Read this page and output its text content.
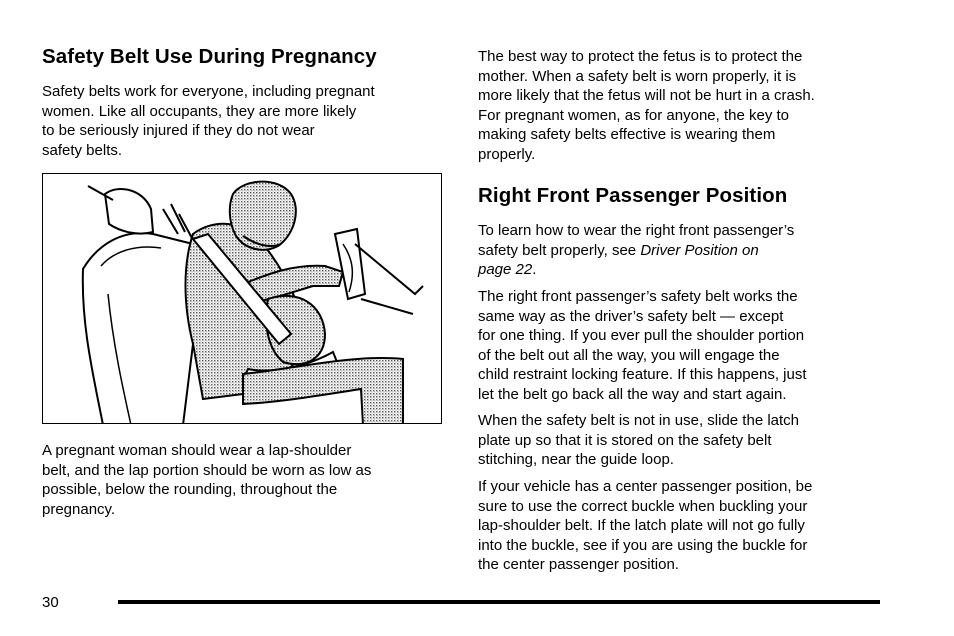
Safety Belt Use During Pregnancy

Safety belts work for everyone, including pregnant
women. Like all occupants, they are more likely
to be seriously injured if they do not wear
safety belts.

A pregnant woman should wear a lap-shoulder
belt, and the lap portion should be worn as low as
possible, below the rounding, throughout the
pregnancy.

The best way to protect the fetus is to protect the
mother. When a safety belt is worn properly, it is
more likely that the fetus will not be hurt in a crash.
For pregnant women, as for anyone, the key to
making safety belts effective is wearing them
properly.

Right Front Passenger Position

To learn how to wear the right front passenger’s
safety belt properly, see Driver Position on
page 22.

The right front passenger’s safety belt works the
same way as the driver’s safety belt — except
for one thing. If you ever pull the shoulder portion
of the belt out all the way, you will engage the
child restraint locking feature. If this happens, just
let the belt go back all the way and start again.

When the safety belt is not in use, slide the latch
plate up so that it is stored on the safety belt
stitching, near the guide loop.

If your vehicle has a center passenger position, be
sure to use the correct buckle when buckling your
lap-shoulder belt. If the latch plate will not go fully
into the buckle, see if you are using the buckle for
the center passenger position.

30
